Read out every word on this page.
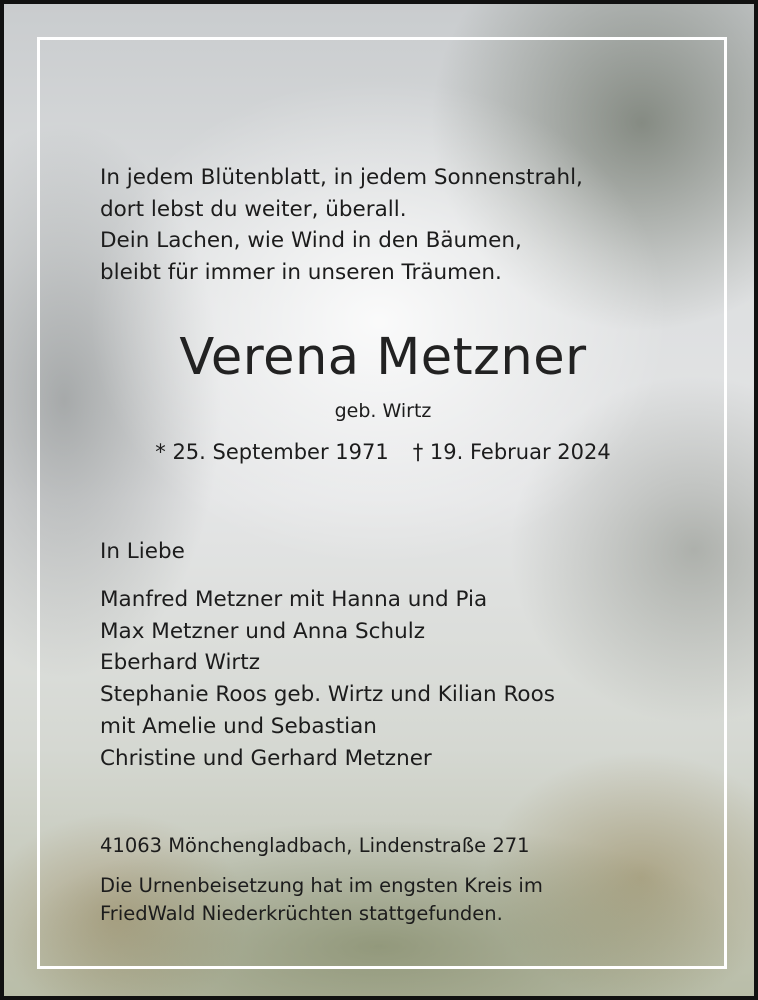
In jedem Blütenblatt, in jedem Sonnenstrahl,
dort lebst du weiter, überall.
Dein Lachen, wie Wind in den Bäumen,
bleibt für immer in unseren Träumen.
Verena Metzner
geb. Wirtz
* 25. September 1971 † 19. Februar 2024
In Liebe
Manfred Metzner mit Hanna und Pia
Max Metzner und Anna Schulz
Eberhard Wirtz
Stephanie Roos geb. Wirtz und Kilian Roos
mit Amelie und Sebastian
Christine und Gerhard Metzner
41063 Mönchengladbach, Lindenstraße 271
Die Urnenbeisetzung hat im engsten Kreis im
FriedWald Niederkrüchten stattgefunden.
